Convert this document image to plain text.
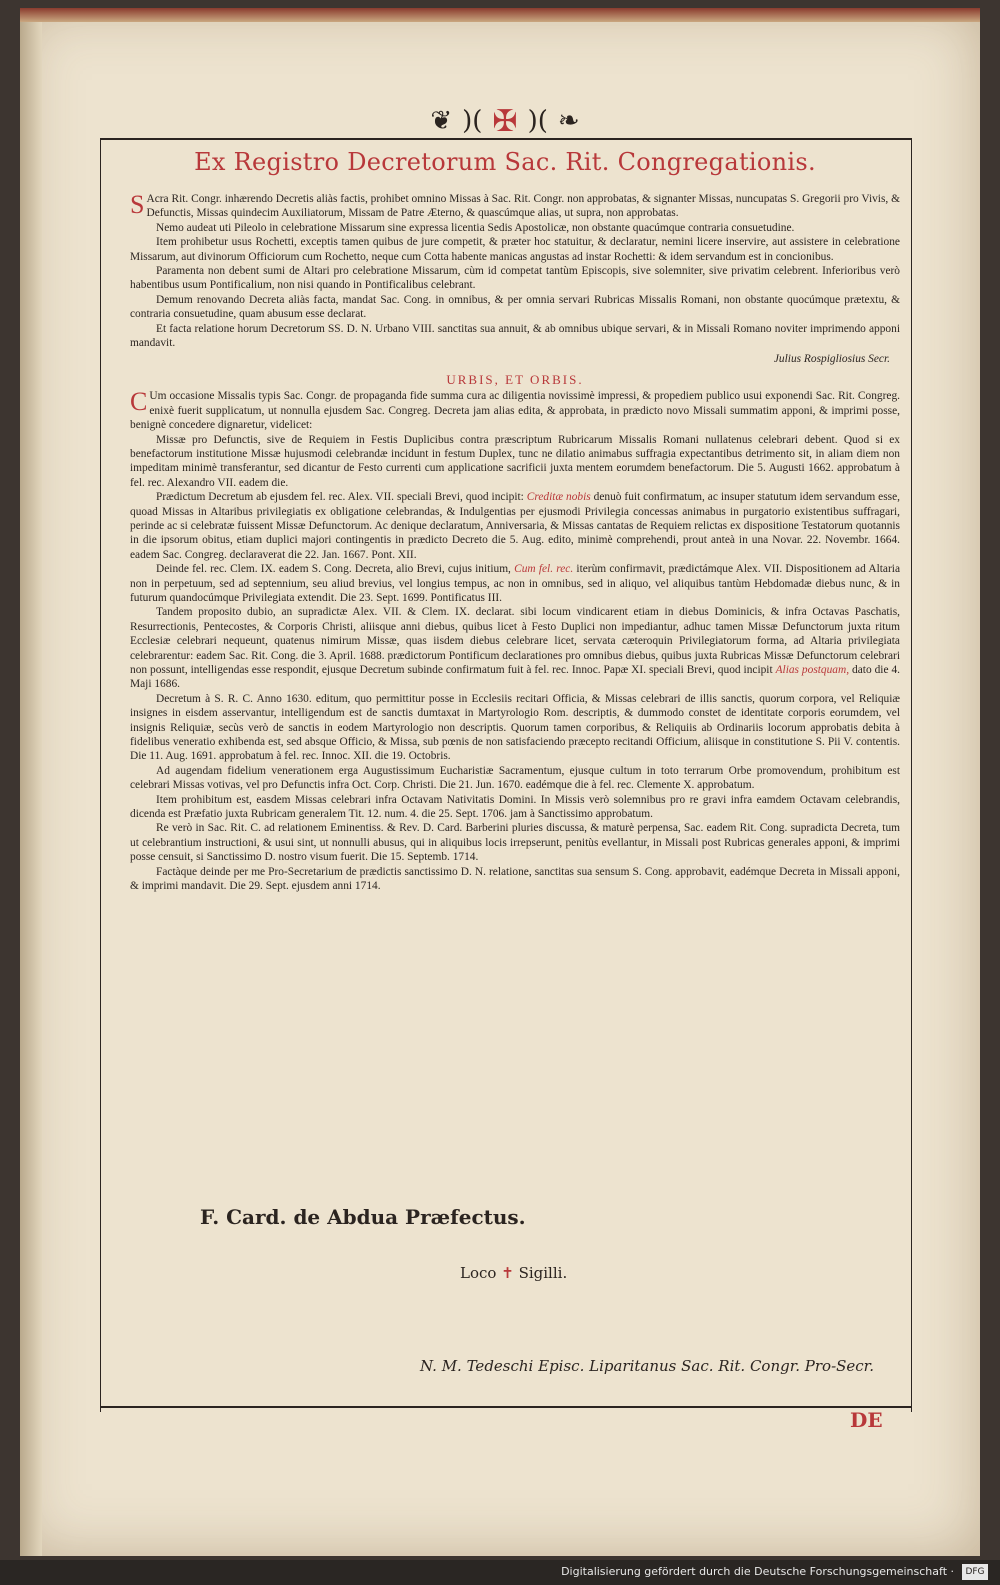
❦ )( ✠ )( ❧
Ex Registro Decretorum Sac. Rit. Congregationis.

S Acra Rit. Congr. inhærendo Decretis aliàs factis, prohibet omnino Missas à Sac. Rit. Congr. non approbatas, & signanter Missas, nuncupatas S. Gregorii pro Vivis, & Defunctis, Missas quindecim Auxiliatorum, Missam de Patre Æterno, & quascúmque alias, ut supra, non approbatas.

Nemo audeat uti Pileolo in celebratione Missarum sine expressa licentia Sedis Apostolicæ, non obstante quacúmque contraria consuetudine.

Item prohibetur usus Rochetti, exceptis tamen quibus de jure competit, & præter hoc statuitur, & declaratur, nemini licere inservire, aut assistere in celebratione Missarum, aut divinorum Officiorum cum Rochetto, neque cum Cotta habente manicas angustas ad instar Rochetti: & idem servandum est in concionibus.

Paramenta non debent sumi de Altari pro celebratione Missarum, cùm id competat tantùm Episcopis, sive solemniter, sive privatim celebrent. Inferioribus verò habentibus usum Pontificalium, non nisi quando in Pontificalibus celebrant.

Demum renovando Decreta aliàs facta, mandat Sac. Cong. in omnibus, & per omnia servari Rubricas Missalis Romani, non obstante quocúmque prætextu, & contraria consuetudine, quam abusum esse declarat.

Et facta relatione horum Decretorum SS. D. N. Urbano VIII. sanctitas sua annuit, & ab omnibus ubique servari, & in Missali Romano noviter imprimendo apponi mandavit.

Julius Rospigliosius Secr.
URBIS, ET ORBIS.

C Um occasione Missalis typis Sac. Congr. de propaganda fide summa cura ac diligentia novissimè impressi, & propediem publico usui exponendi Sac. Rit. Congreg. enixè fuerit supplicatum, ut nonnulla ejusdem Sac. Congreg. Decreta jam alias edita, & approbata, in prædicto novo Missali summatim apponi, & imprimi posse, benignè concedere dignaretur, videlicet:

Missæ pro Defunctis, sive de Requiem in Festis Duplicibus contra præscriptum Rubricarum Missalis Romani nullatenus celebrari debent. Quod si ex benefactorum institutione Missæ hujusmodi celebrandæ incidunt in festum Duplex, tunc ne dilatio animabus suffragia expectantibus detrimento sit, in aliam diem non impeditam minimè transferantur, sed dicantur de Festo currenti cum applicatione sacrificii juxta mentem eorumdem benefactorum. Die 5. Augusti 1662. approbatum à fel. rec. Alexandro VII. eadem die.

Prædictum Decretum ab ejusdem fel. rec. Alex. VII. speciali Brevi, quod incipit: Creditæ nobis denuò fuit confirmatum, ac insuper statutum idem servandum esse, quoad Missas in Altaribus privilegiatis ex obligatione celebrandas, & Indulgentias per ejusmodi Privilegia concessas animabus in purgatorio existentibus suffragari, perinde ac si celebratæ fuissent Missæ Defunctorum. Ac denique declaratum, Anniversaria, & Missas cantatas de Requiem relictas ex dispositione Testatorum quotannis in die ipsorum obitus, etiam duplici majori contingentis in prædicto Decreto die 5. Aug. edito, minimè comprehendi, prout anteà in una Novar. 22. Novembr. 1664. eadem Sac. Congreg. declaraverat die 22. Jan. 1667. Pont. XII.

Deinde fel. rec. Clem. IX. eadem S. Cong. Decreta, alio Brevi, cujus initium, Cum fel. rec. iterùm confirmavit, prædictámque Alex. VII. Dispositionem ad Altaria non in perpetuum, sed ad septennium, seu aliud brevius, vel longius tempus, ac non in omnibus, sed in aliquo, vel aliquibus tantùm Hebdomadæ diebus nunc, & in futurum quandocúmque Privilegiata extendit. Die 23. Sept. 1699. Pontificatus III.

Tandem proposito dubio, an supradictæ Alex. VII. & Clem. IX. declarat. sibi locum vindicarent etiam in diebus Dominicis, & infra Octavas Paschatis, Resurrectionis, Pentecostes, & Corporis Christi, aliisque anni diebus, quibus licet à Festo Duplici non impediantur, adhuc tamen Missæ Defunctorum juxta ritum Ecclesiæ celebrari nequeunt, quatenus nimirum Missæ, quas iisdem diebus celebrare licet, servata cæteroquin Privilegiatorum forma, ad Altaria privilegiata celebrarentur: eadem Sac. Rit. Cong. die 3. April. 1688. prædictorum Pontificum declarationes pro omnibus diebus, quibus juxta Rubricas Missæ Defunctorum celebrari non possunt, intelligendas esse respondit, ejusque Decretum subinde confirmatum fuit à fel. rec. Innoc. Papæ XI. speciali Brevi, quod incipit Alias postquam, dato die 4. Maji 1686.

Decretum à S. R. C. Anno 1630. editum, quo permittitur posse in Ecclesiis recitari Officia, & Missas celebrari de illis sanctis, quorum corpora, vel Reliquiæ insignes in eisdem asservantur, intelligendum est de sanctis dumtaxat in Martyrologio Rom. descriptis, & dummodo constet de identitate corporis eorumdem, vel insignis Reliquiæ, secùs verò de sanctis in eodem Martyrologio non descriptis. Quorum tamen corporibus, & Reliquiis ab Ordinariis locorum approbatis debita à fidelibus veneratio exhibenda est, sed absque Officio, & Missa, sub pœnis de non satisfaciendo præcepto recitandi Officium, aliisque in constitutione S. Pii V. contentis. Die 11. Aug. 1691. approbatum à fel. rec. Innoc. XII. die 19. Octobris.

Ad augendam fidelium venerationem erga Augustissimum Eucharistiæ Sacramentum, ejusque cultum in toto terrarum Orbe promovendum, prohibitum est celebrari Missas votivas, vel pro Defunctis infra Oct. Corp. Christi. Die 21. Jun. 1670. eadémque die à fel. rec. Clemente X. approbatum.

Item prohibitum est, easdem Missas celebrari infra Octavam Nativitatis Domini. In Missis verò solemnibus pro re gravi infra eamdem Octavam celebrandis, dicenda est Præfatio juxta Rubricam generalem Tit. 12. num. 4. die 25. Sept. 1706. jam à Sanctissimo approbatum.

Re verò in Sac. Rit. C. ad relationem Eminentiss. & Rev. D. Card. Barberini pluries discussa, & maturè perpensa, Sac. eadem Rit. Cong. supradicta Decreta, tum ut celebrantium instructioni, & usui sint, ut nonnulli abusus, qui in aliquibus locis irrepserunt, penitùs evellantur, in Missali post Rubricas generales apponi, & imprimi posse censuit, si Sanctissimo D. nostro visum fuerit. Die 15. Septemb. 1714.

Factàque deinde per me Pro-Secretarium de prædictis sanctissimo D. N. relatione, sanctitas sua sensum S. Cong. approbavit, eadémque Decreta in Missali apponi, & imprimi mandavit. Die 29. Sept. ejusdem anni 1714.

F. Card. de Abdua Præfectus.
Loco ✝ Sigilli.
N. M. Tedeschi Episc. Liparitanus Sac. Rit. Congr. Pro-Secr.
DE
Digitalisierung gefördert durch die Deutsche Forschungsgemeinschaft ·	DFG
